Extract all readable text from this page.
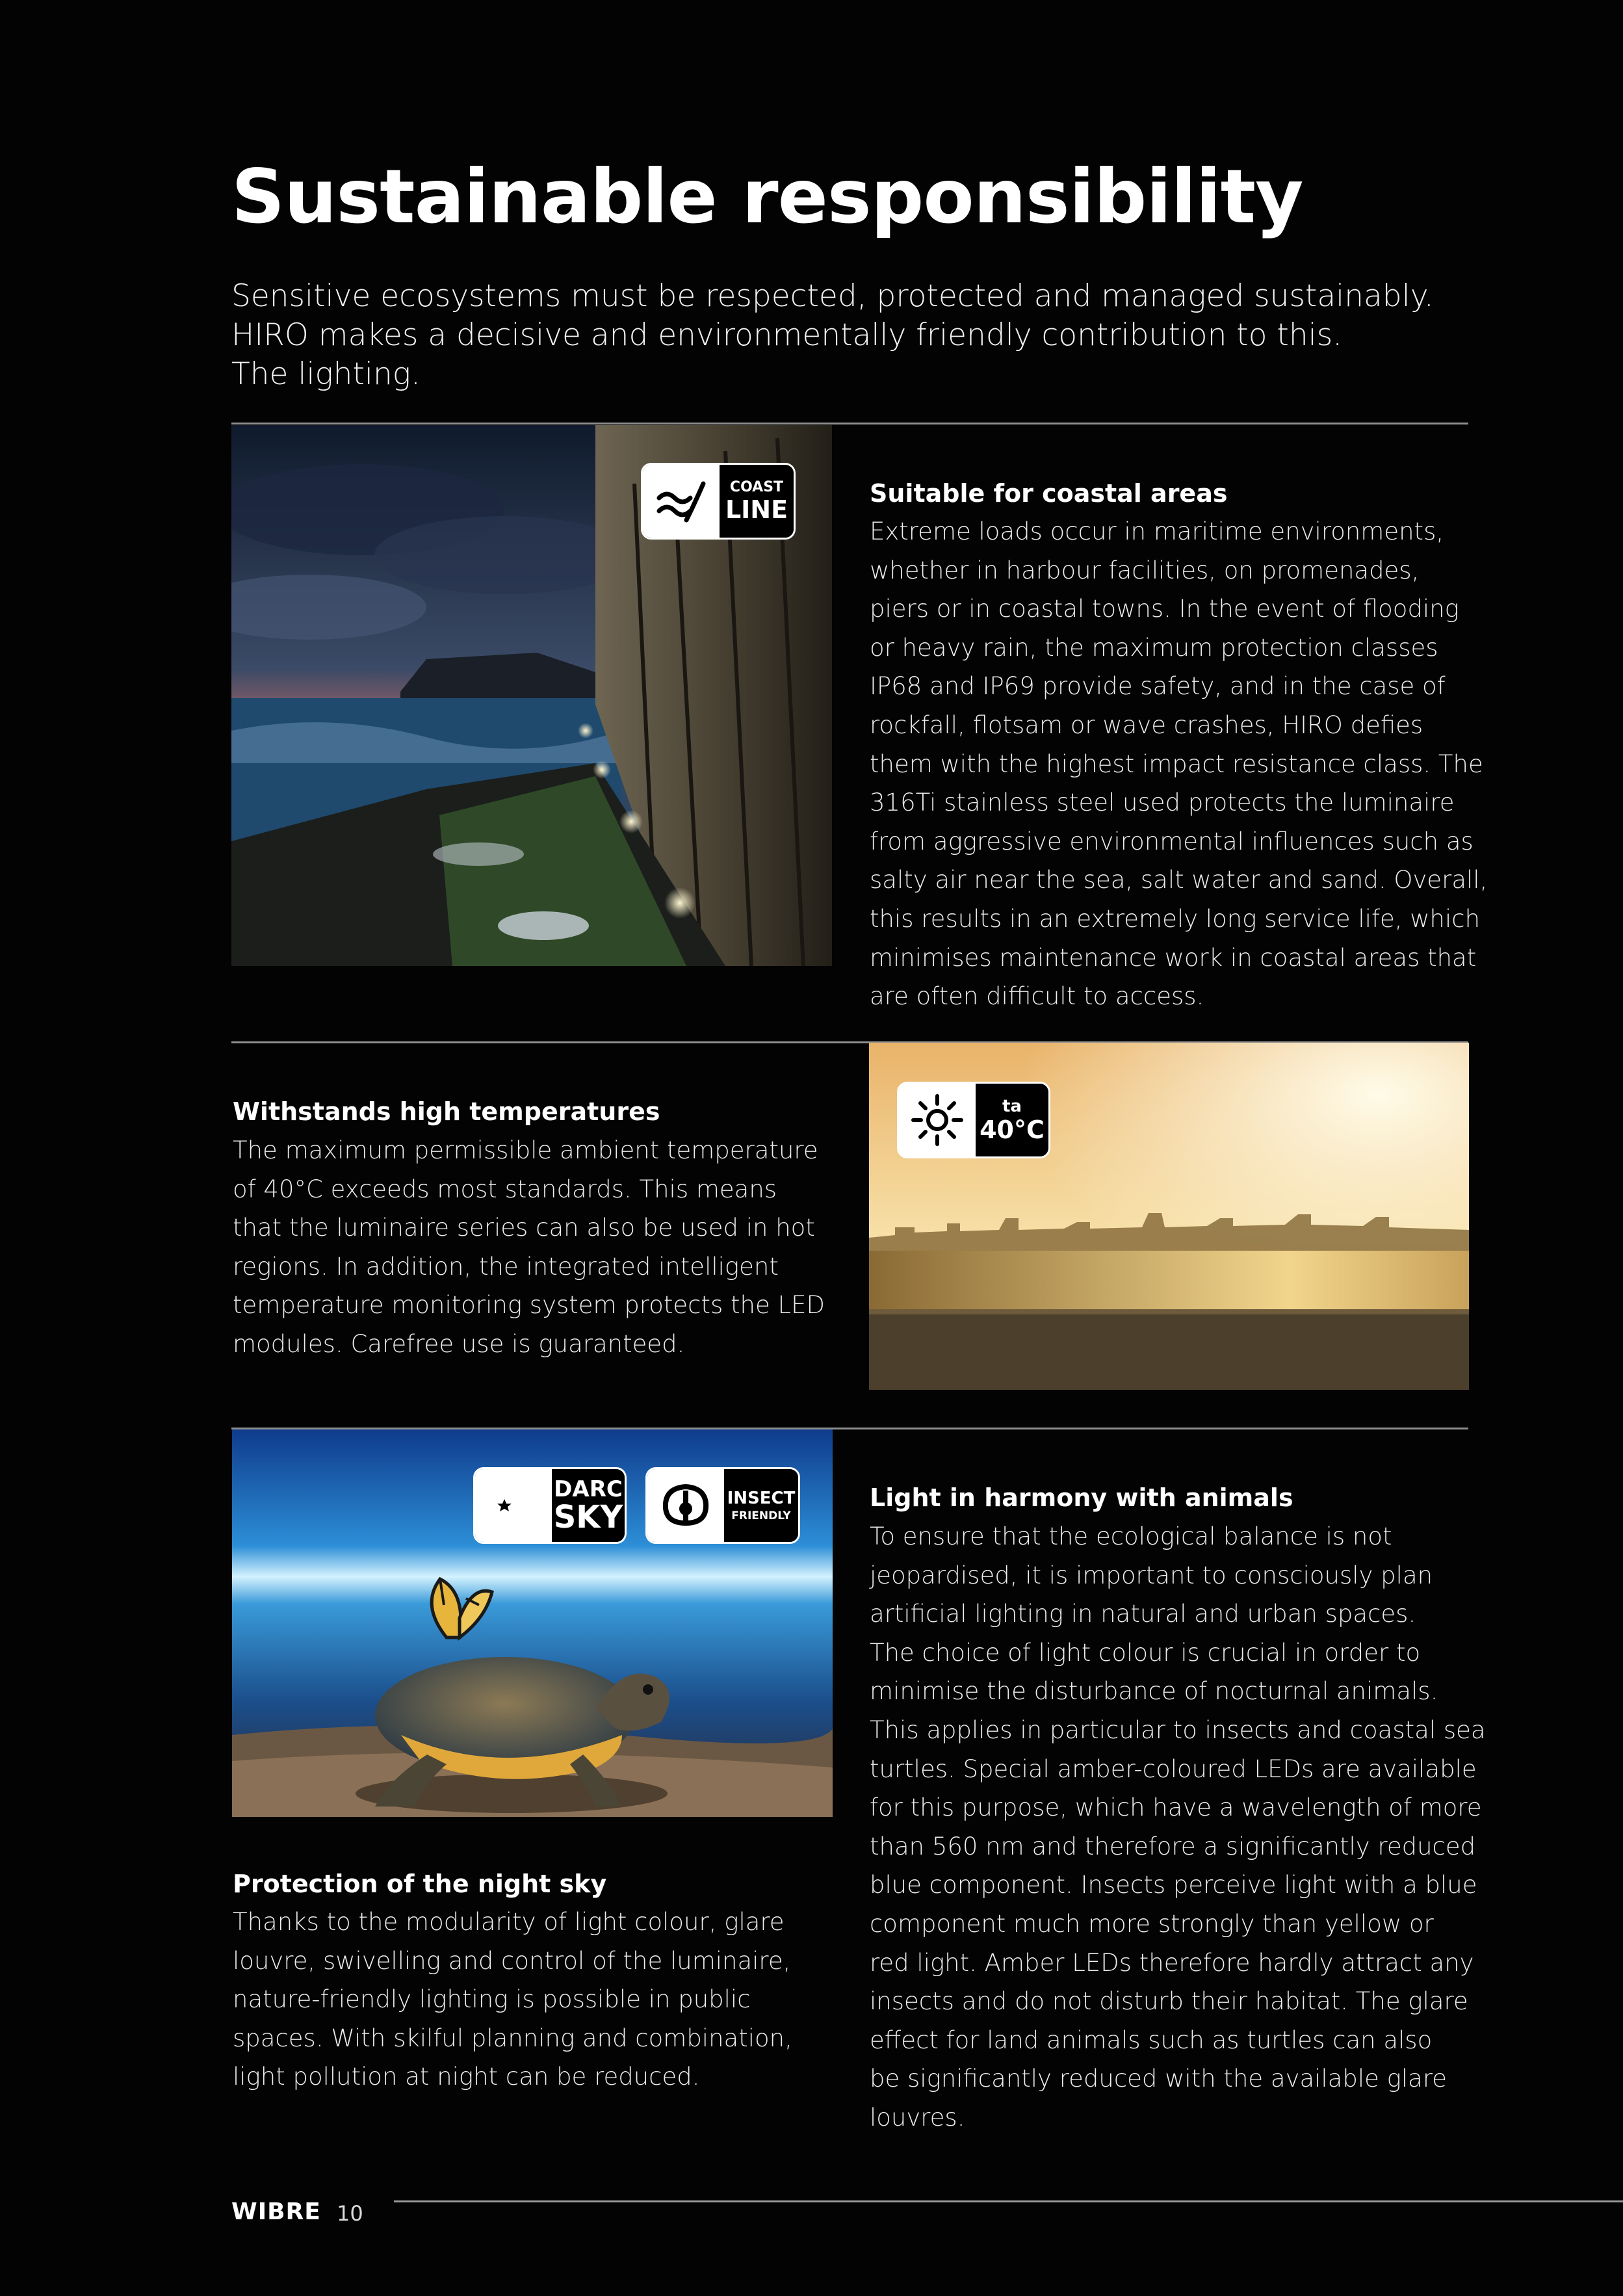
Sustainable responsibility
Sensitive ecosystems must be respected, protected and managed sustainably.
HIRO makes a decisive and environmentally friendly contribution to this.
The lighting.
COAST
LINE
Suitable for coastal areas
Extreme loads occur in maritime environments,
whether in harbour facilities, on promenades,
piers or in coastal towns. In the event of flooding
or heavy rain, the maximum protection classes
IP68 and IP69 provide safety, and in the case of
rockfall, flotsam or wave crashes, HIRO defies
them with the highest impact resistance class. The
316Ti stainless steel used protects the luminaire
from aggressive environmental influences such as
salty air near the sea, salt water and sand. Overall,
this results in an extremely long service life, which
minimises maintenance work in coastal areas that
are often difficult to access.
Withstands high temperatures
The maximum permissible ambient temperature
of 40°C exceeds most standards. This means
that the luminaire series can also be used in hot
regions. In addition, the integrated intelligent
temperature monitoring system protects the LED
modules. Carefree use is guaranteed.
ta
40°C
DARC
SKY
INSECT
FRIENDLY
Protection of the night sky
Thanks to the modularity of light colour, glare
louvre, swivelling and control of the luminaire,
nature-friendly lighting is possible in public
spaces. With skilful planning and combination,
light pollution at night can be reduced.
Light in harmony with animals
To ensure that the ecological balance is not
jeopardised, it is important to consciously plan
artificial lighting in natural and urban spaces.
The choice of light colour is crucial in order to
minimise the disturbance of nocturnal animals.
This applies in particular to insects and coastal sea
turtles. Special amber-coloured LEDs are available
for this purpose, which have a wavelength of more
than 560 nm and therefore a significantly reduced
blue component. Insects perceive light with a blue
component much more strongly than yellow or
red light. Amber LEDs therefore hardly attract any
insects and do not disturb their habitat. The glare
effect for land animals such as turtles can also
be significantly reduced with the available glare
louvres.
WIBRE 10
